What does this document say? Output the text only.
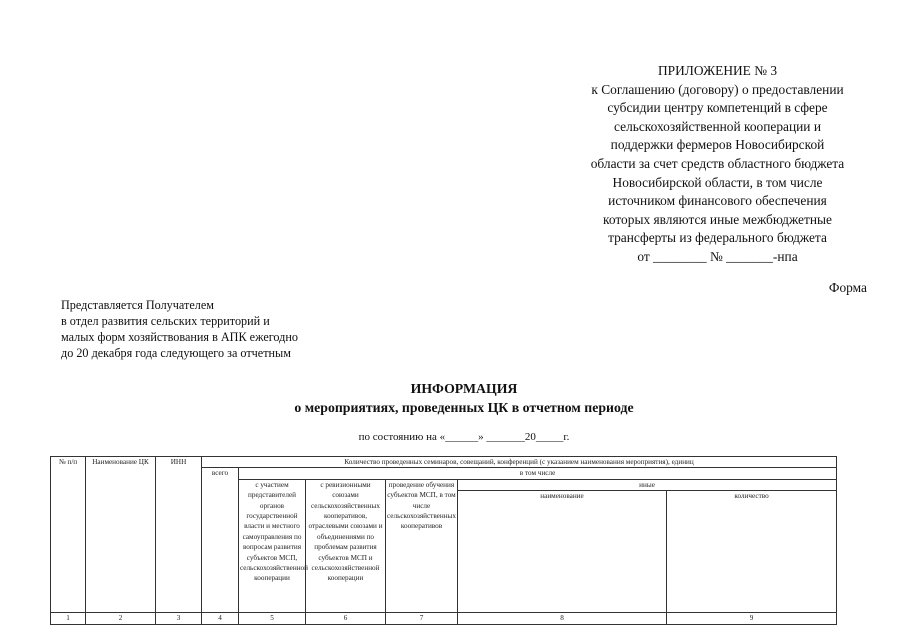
ПРИЛОЖЕНИЕ № 3
к Соглашению (договору) о предоставлении
субсидии центру компетенций в сфере
сельскохозяйственной кооперации и
поддержки фермеров Новосибирской
области за счет средств областного бюджета
Новосибирской области, в том числе
источником финансового обеспечения
которых являются иные межбюджетные
трансферты из федерального бюджета
от ________ № _______-нпа
Форма
Представляется Получателем
в отдел развития сельских территорий и
малых форм хозяйствования в АПК ежегодно
до 20 декабря года следующего за отчетным
ИНФОРМАЦИЯ
о мероприятиях, проведенных ЦК в отчетном периоде
по состоянию на «______» _______20_____г.
№ п/п	Наименование ЦК	ИНН	Количество проведенных семинаров, совещаний, конференций (с указанием наименования мероприятия), единиц					
			всего	в том числе				
				с участием представителей органов государственной власти и местного самоуправления по вопросам развития субъектов МСП, сельскохозяйственной кооперации	с ревизионными союзами сельскохозяйственных кооперативов, отраслевыми союзами и объединениями по проблемам развития субъектов МСП и сельскохозяйственной кооперации	проведение обучения субъектов МСП, в том числе сельскохозяйственных кооперативов	иные	
							наименование	количество
1	2	3	4	5	6	7	8	9
